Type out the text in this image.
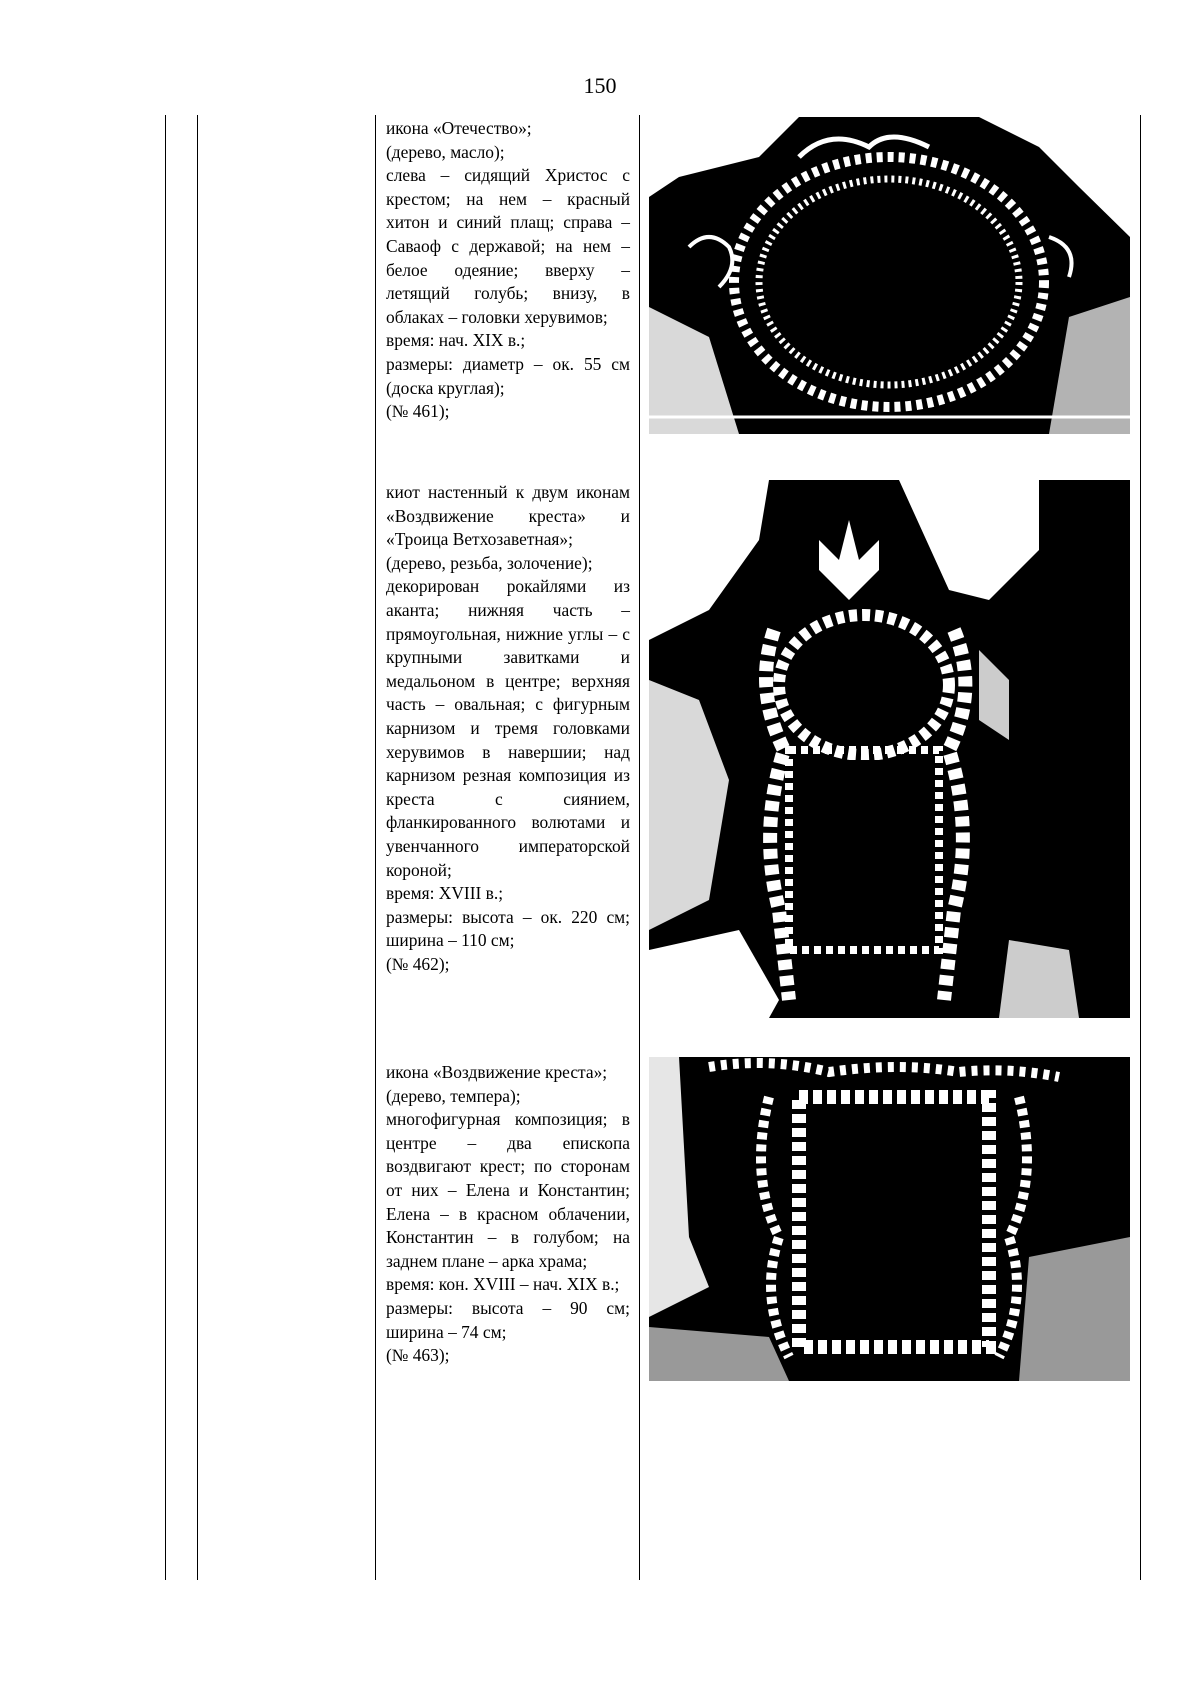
150

икона «Отечество»;

(дерево, масло);

слева – сидящий Христос с крестом; на нем – красный хитон и синий плащ; справа – Саваоф с державой; на нем – белое одеяние; вверху – летящий голубь; внизу, в облаках – головки херувимов;

время: нач. XIX в.;

размеры: диаметр – ок. 55 см (доска круглая);

(№ 461);

киот настенный к двум иконам «Воздвижение креста» и «Троица Ветхозаветная»;

(дерево, резьба, золочение);

декорирован рокайлями из аканта; нижняя часть – прямоугольная, нижние углы – с крупными завитками и медальоном в центре; верхняя часть – овальная; с фигурным карнизом и тремя головками херувимов в навершии; над карнизом резная композиция из креста с сиянием, фланкированного волютами и увенчанного императорской короной;

время: XVIII в.;

размеры: высота – ок. 220 см; ширина – 110 см;

(№ 462);

икона «Воздвижение креста»;

(дерево, темпера);

многофигурная композиция; в центре – два епископа воздвигают крест; по сторонам от них – Елена и Константин; Елена – в красном облачении, Константин – в голубом; на заднем плане – арка храма;

время: кон. XVIII – нач. XIX в.;

размеры: высота – 90 см; ширина – 74 см;

(№ 463);
